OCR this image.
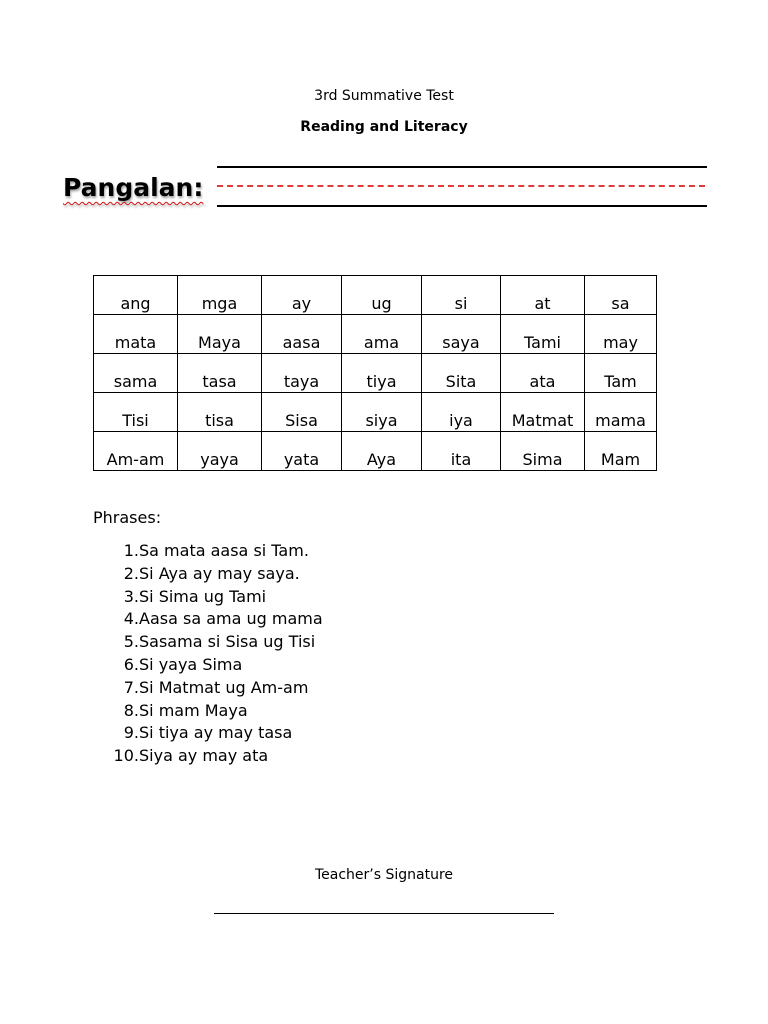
3rd Summative Test

Reading and Literacy

Pangalan:
ang	mga	ay	ug	si	at	sa

mata	Maya	aasa	ama	saya	Tami	may

sama	tasa	taya	tiya	Sita	ata	Tam

Tisi	tisa	Sisa	siya	iya	Matmat	mama

Am-am	yaya	yata	Aya	ita	Sima	Mam

Phrases:

1. Sa mata aasa si Tam.
2. Si Aya ay may saya.
3. Si Sima ug Tami
4. Aasa sa ama ug mama
5. Sasama si Sisa ug Tisi
6. Si yaya Sima
7. Si Matmat ug Am-am
8. Si mam Maya
9. Si tiya ay may tasa
10. Siya ay may ata

Teacher’s Signature
